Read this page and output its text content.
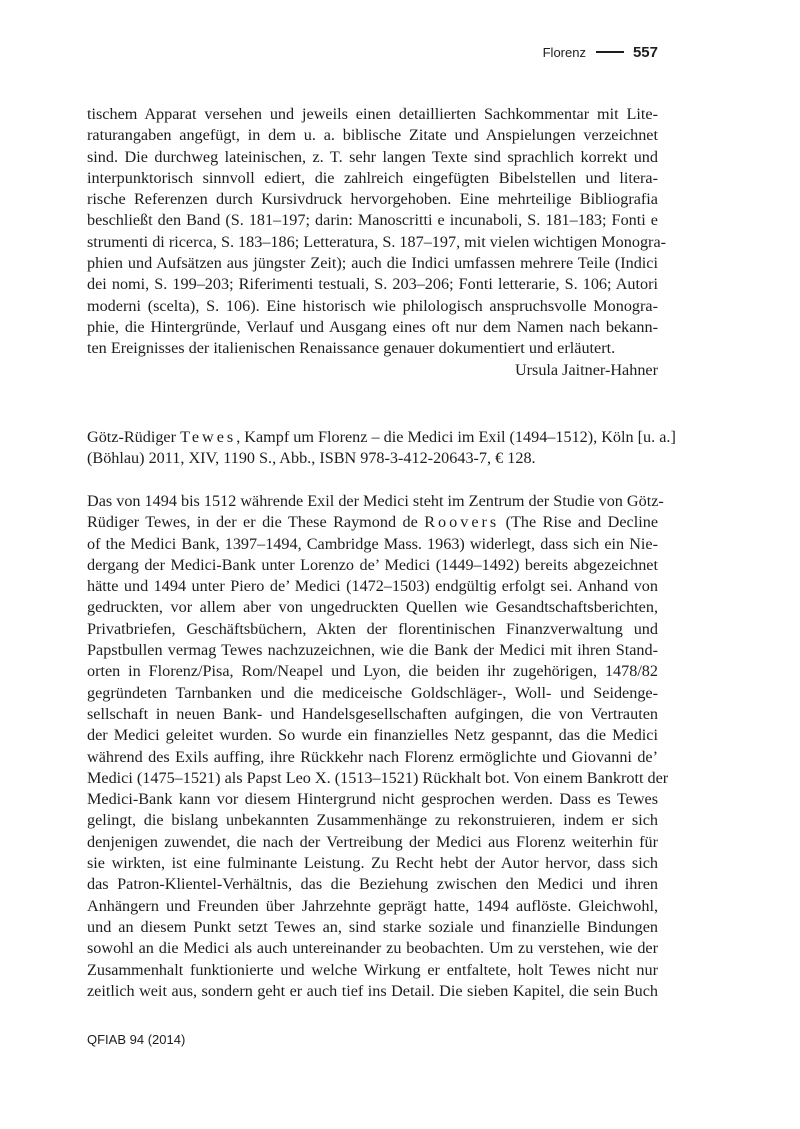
Florenz	557

tischem Apparat versehen und jeweils einen detaillierten Sachkommentar mit Lite-
raturangaben angefügt, in dem u. a. biblische Zitate und Anspielungen verzeichnet
sind. Die durchweg lateinischen, z. T. sehr langen Texte sind sprachlich korrekt und
interpunktorisch sinnvoll ediert, die zahlreich eingefügten Bibelstellen und litera-
rische Referenzen durch Kursivdruck hervorgehoben. Eine mehrteilige Bibliografia
beschließt den Band (S. 181–197; darin: Manoscritti e incunaboli, S. 181–183; Fonti e
strumenti di ricerca, S. 183–186; Letteratura, S. 187–197, mit vielen wichtigen Monogra-
phien und Aufsätzen aus jüngster Zeit); auch die Indici umfassen mehrere Teile (Indici
dei nomi, S. 199–203; Riferimenti testuali, S. 203–206; Fonti letterarie, S. 106; Autori
moderni (scelta), S. 106). Eine historisch wie philologisch anspruchsvolle Monogra-
phie, die Hintergründe, Verlauf und Ausgang eines oft nur dem Namen nach bekann-
ten Ereignisses der italienischen Renaissance genauer dokumentiert und erläutert.

Ursula Jaitner-Hahner

Götz-Rüdiger Tewes, Kampf um Florenz – die Medici im Exil (1494–1512), Köln [u. a.]
(Böhlau) 2011, XIV, 1190 S., Abb., ISBN 978-3-412-20643-7, € 128.

Das von 1494 bis 1512 währende Exil der Medici steht im Zentrum der Studie von Götz-
Rüdiger Tewes, in der er die These Raymond de Roovers (The Rise and Decline
of the Medici Bank, 1397–1494, Cambridge Mass. 1963) widerlegt, dass sich ein Nie-
dergang der Medici-Bank unter Lorenzo de’ Medici (1449–1492) bereits abgezeichnet
hätte und 1494 unter Piero de’ Medici (1472–1503) endgültig erfolgt sei. Anhand von
gedruckten, vor allem aber von ungedruckten Quellen wie Gesandtschaftsberichten,
Privatbriefen, Geschäftsbüchern, Akten der florentinischen Finanzverwaltung und
Papstbullen vermag Tewes nachzuzeichnen, wie die Bank der Medici mit ihren Stand-
orten in Florenz/Pisa, Rom/Neapel und Lyon, die beiden ihr zugehörigen, 1478/82
gegründeten Tarnbanken und die mediceische Goldschläger-, Woll- und Seidenge-
sellschaft in neuen Bank- und Handelsgesellschaften aufgingen, die von Vertrauten
der Medici geleitet wurden. So wurde ein finanzielles Netz gespannt, das die Medici
während des Exils auffing, ihre Rückkehr nach Florenz ermöglichte und Giovanni de’
Medici (1475–1521) als Papst Leo X. (1513–1521) Rückhalt bot. Von einem Bankrott der
Medici-Bank kann vor diesem Hintergrund nicht gesprochen werden. Dass es Tewes
gelingt, die bislang unbekannten Zusammenhänge zu rekonstruieren, indem er sich
denjenigen zuwendet, die nach der Vertreibung der Medici aus Florenz weiterhin für
sie wirkten, ist eine fulminante Leistung. Zu Recht hebt der Autor hervor, dass sich
das Patron-Klientel-Verhältnis, das die Beziehung zwischen den Medici und ihren
Anhängern und Freunden über Jahrzehnte geprägt hatte, 1494 auflöste. Gleichwohl,
und an diesem Punkt setzt Tewes an, sind starke soziale und finanzielle Bindungen
sowohl an die Medici als auch untereinander zu beobachten. Um zu verstehen, wie der
Zusammenhalt funktionierte und welche Wirkung er entfaltete, holt Tewes nicht nur
zeitlich weit aus, sondern geht er auch tief ins Detail. Die sieben Kapitel, die sein Buch

QFIAB 94 (2014)
